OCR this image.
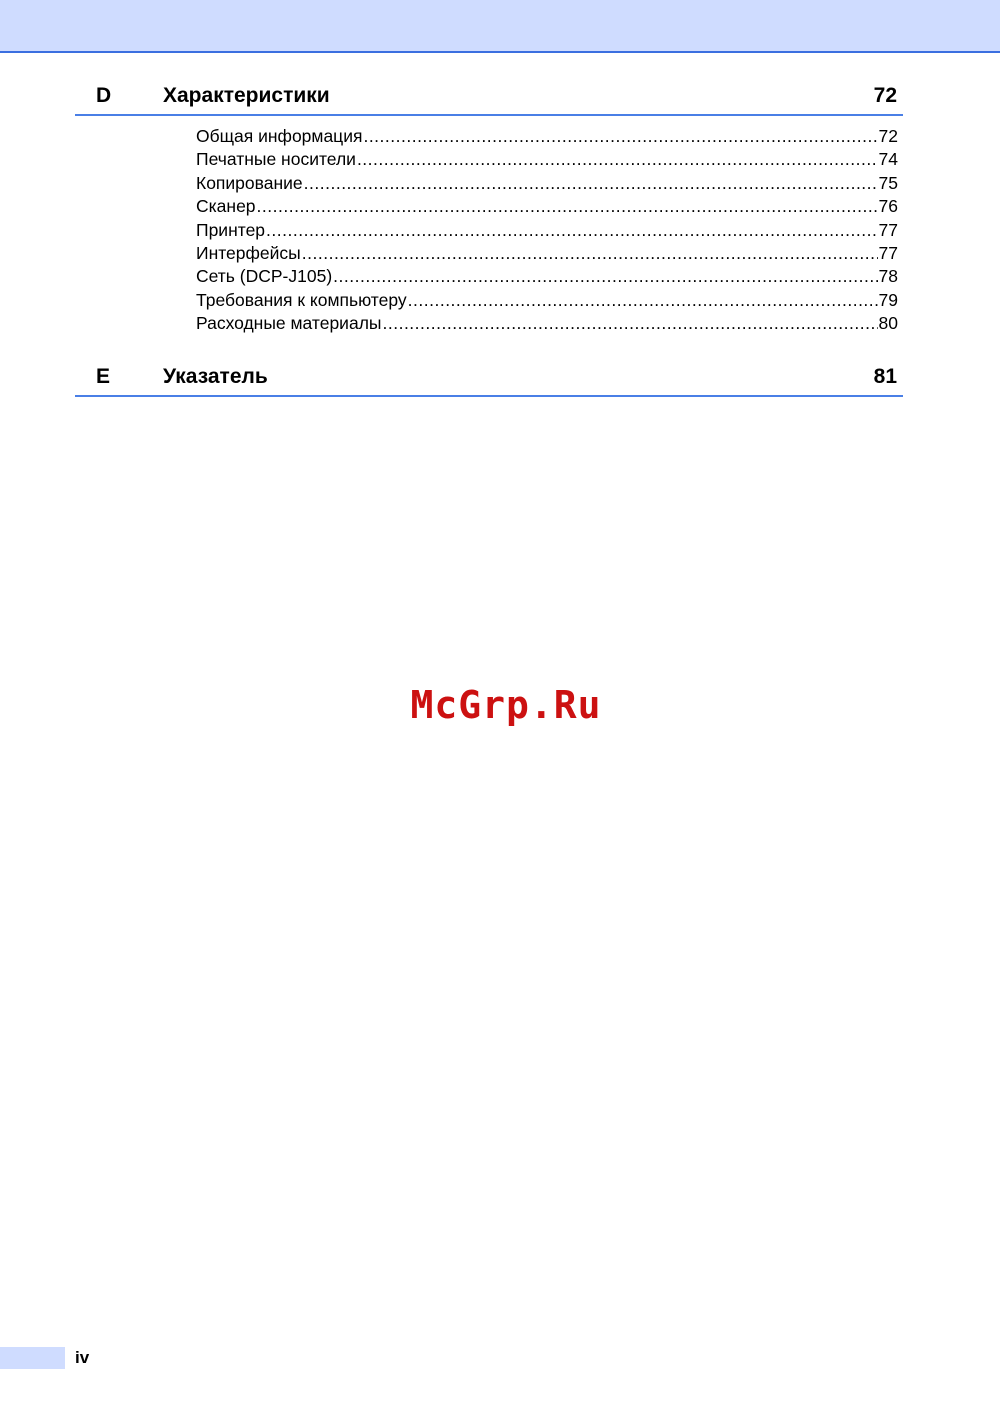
D Характеристики	72
Общая информация .....	72
Печатные носители .....	74
Копирование .....	75
Сканер .....	76
Принтер .....	77
Интерфейсы .....	77
Сеть (DCP-J105) .....	78
Требования к компьютеру .....	79
Расходные материалы .....	80
E	Указатель	81
McGrp.Ru
iv
